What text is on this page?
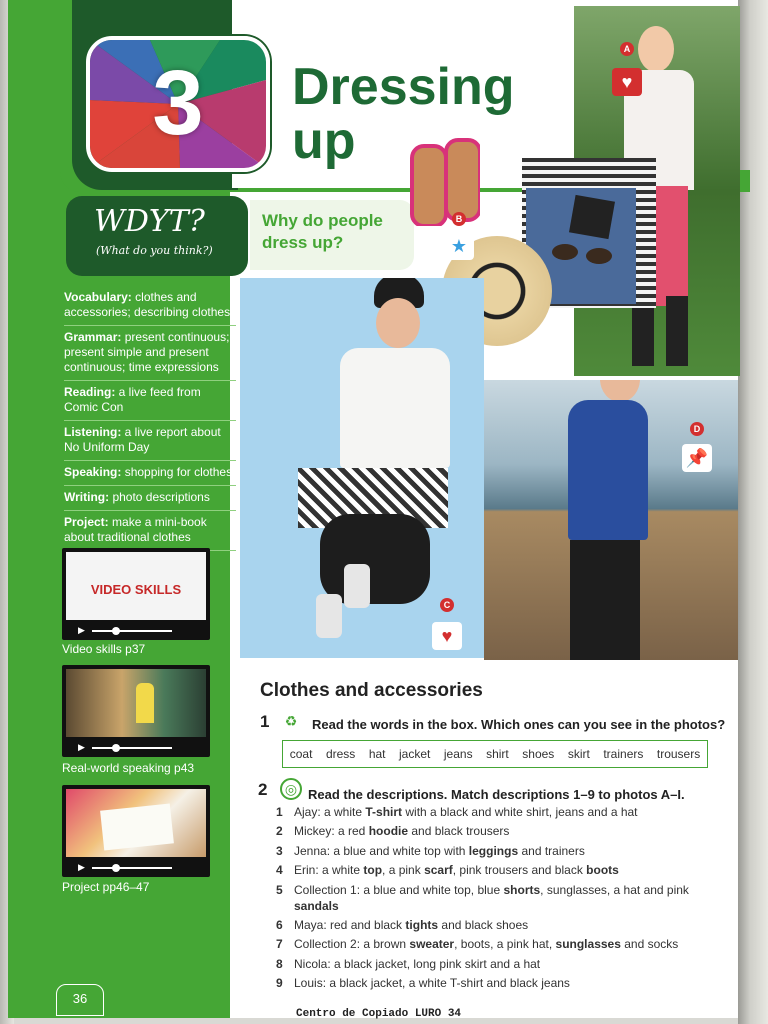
3	Dressing
up
WDYT?
(What do you think?)
Why do people dress up?
Vocabulary: clothes and accessories; describing clothes
Grammar: present continuous; present simple and present continuous; time expressions
Reading: a live feed from Comic Con
Listening: a live report about No Uniform Day
Speaking: shopping for clothes
Writing: photo descriptions
Project: make a mini-book about traditional clothes
VIDEO SKILLS
▶
Video skills p37
▶
Real-world speaking p43
▶
Project pp46–47
36
A
♥
B
★
C
♥
D
📌
Clothes and accessories
1	♻	Read the words in the box. Which ones can you see in the photos?
coat dress hat jacket jeans shirt shoes skirt trainers trousers
2	◎ Read the descriptions. Match descriptions 1–9 to photos A–I.
1 Ajay: a white T-shirt with a black and white shirt, jeans and a hat
2 Mickey: a red hoodie and black trousers
3 Jenna: a blue and white top with leggings and trainers
4 Erin: a white top, a pink scarf, pink trousers and black boots
5 Collection 1: a blue and white top, blue shorts, sunglasses, a hat and pink sandals
6 Maya: red and black tights and black shoes
7 Collection 2: a brown sweater, boots, a pink hat, sunglasses and socks
8 Nicola: a black jacket, long pink skirt and a hat
9 Louis: a black jacket, a white T-shirt and black jeans
Centro de Copiado LURO 34
